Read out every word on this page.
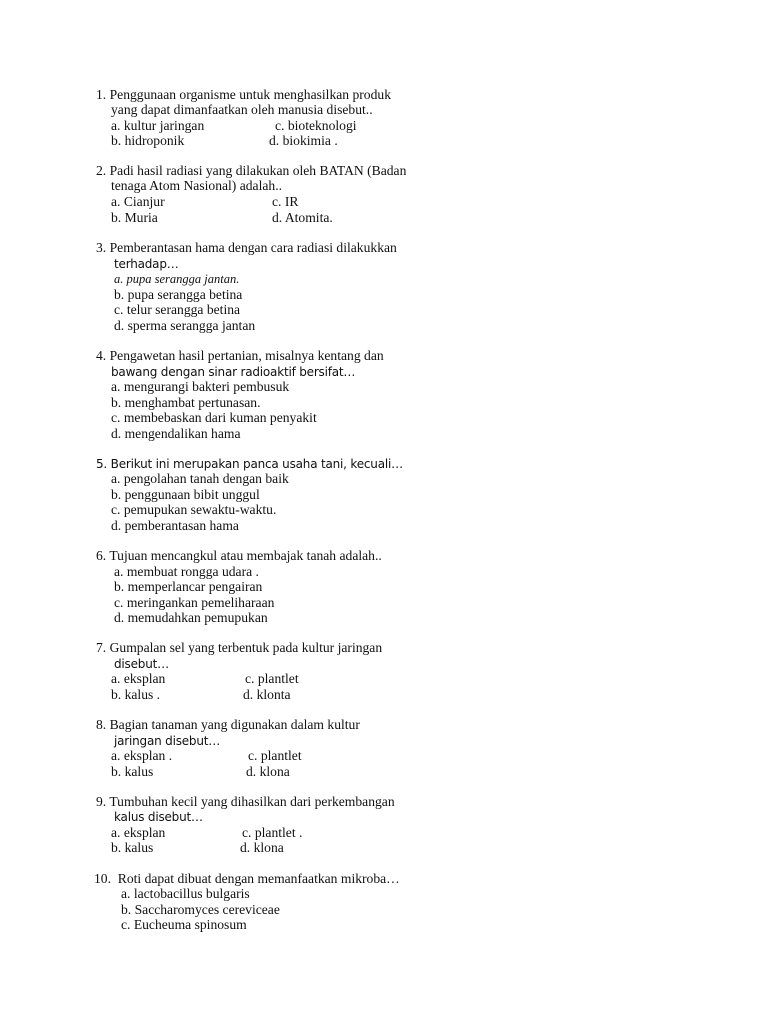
1. Penggunaan organisme untuk menghasilkan produk
yang dapat dimanfaatkan oleh manusia disebut..
a. kultur jaringan	c. bioteknologi
b. hidroponik	d. biokimia .
2. Padi hasil radiasi yang dilakukan oleh BATAN (Badan
tenaga Atom Nasional) adalah..
a. Cianjur	c. IR
b. Muria	d. Atomita.
3. Pemberantasan hama dengan cara radiasi dilakukkan
terhadap…
a. pupa serangga jantan.
b. pupa serangga betina
c. telur serangga betina
d. sperma serangga jantan
4. Pengawetan hasil pertanian, misalnya kentang dan
bawang dengan sinar radioaktif bersifat…
a. mengurangi bakteri pembusuk
b. menghambat pertunasan.
c. membebaskan dari kuman penyakit
d. mengendalikan hama
5. Berikut ini merupakan panca usaha tani, kecuali…
a. pengolahan tanah dengan baik
b. penggunaan bibit unggul
c. pemupukan sewaktu-waktu.
d. pemberantasan hama
6. Tujuan mencangkul atau membajak tanah adalah..
a. membuat rongga udara .
b. memperlancar pengairan
c. meringankan pemeliharaan
d. memudahkan pemupukan
7. Gumpalan sel yang terbentuk pada kultur jaringan
disebut…
a. eksplan	c. plantlet
b. kalus .	d. klonta
8. Bagian tanaman yang digunakan dalam kultur
jaringan disebut…
a. eksplan .	c. plantlet
b. kalus	d. klona
9. Tumbuhan kecil yang dihasilkan dari perkembangan
kalus disebut…
a. eksplan	c. plantlet .
b. kalus	d. klona
10.  Roti dapat dibuat dengan memanfaatkan mikroba…
a. lactobacillus bulgaris
b. Saccharomyces cereviceae
c. Eucheuma spinosum
